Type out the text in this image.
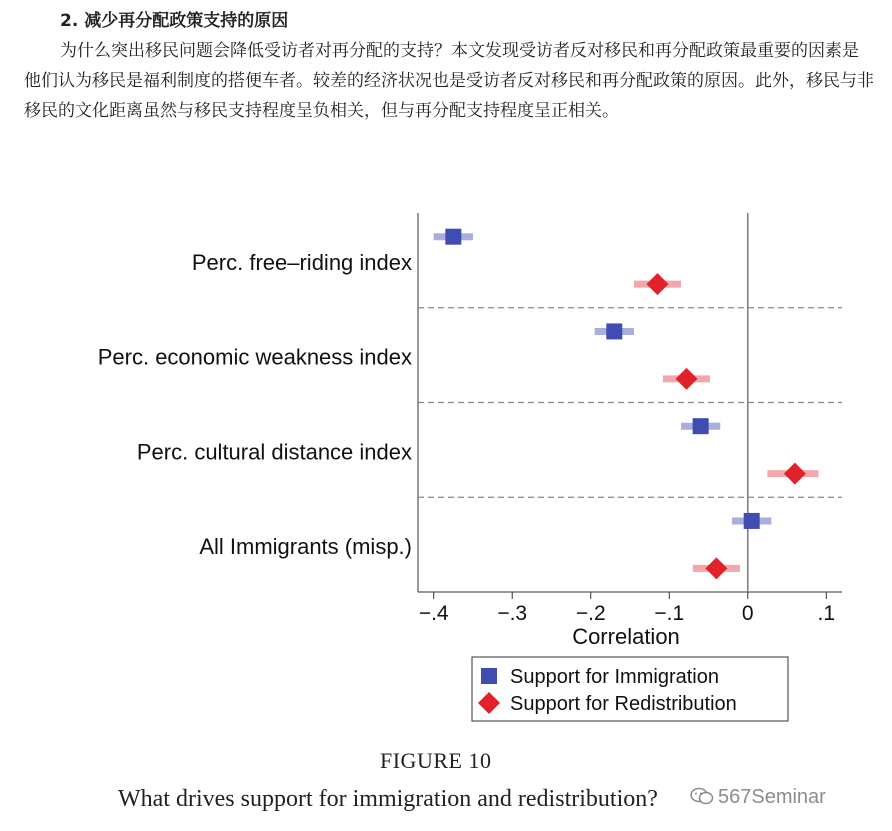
2. 减少再分配政策支持的原因

为什么突出移民问题会降低受访者对再分配的支持？本文发现受访者反对移民和再分配政策最重要的因素是他们认为移民是福利制度的搭便车者。较差的经济状况也是受访者反对移民和再分配政策的原因。此外，移民与非移民的文化距离虽然与移民支持程度呈负相关，但与再分配支持程度呈正相关。

Perc. free–riding index
Perc. economic weakness index
Perc. cultural distance index
All Immigrants (misp.)
−.4 −.3 −.2 −.1	0	.1
Correlation
Support for Immigration
Support for Redistribution
FIGURE 10
What drives support for immigration and redistribution?	567Seminar
